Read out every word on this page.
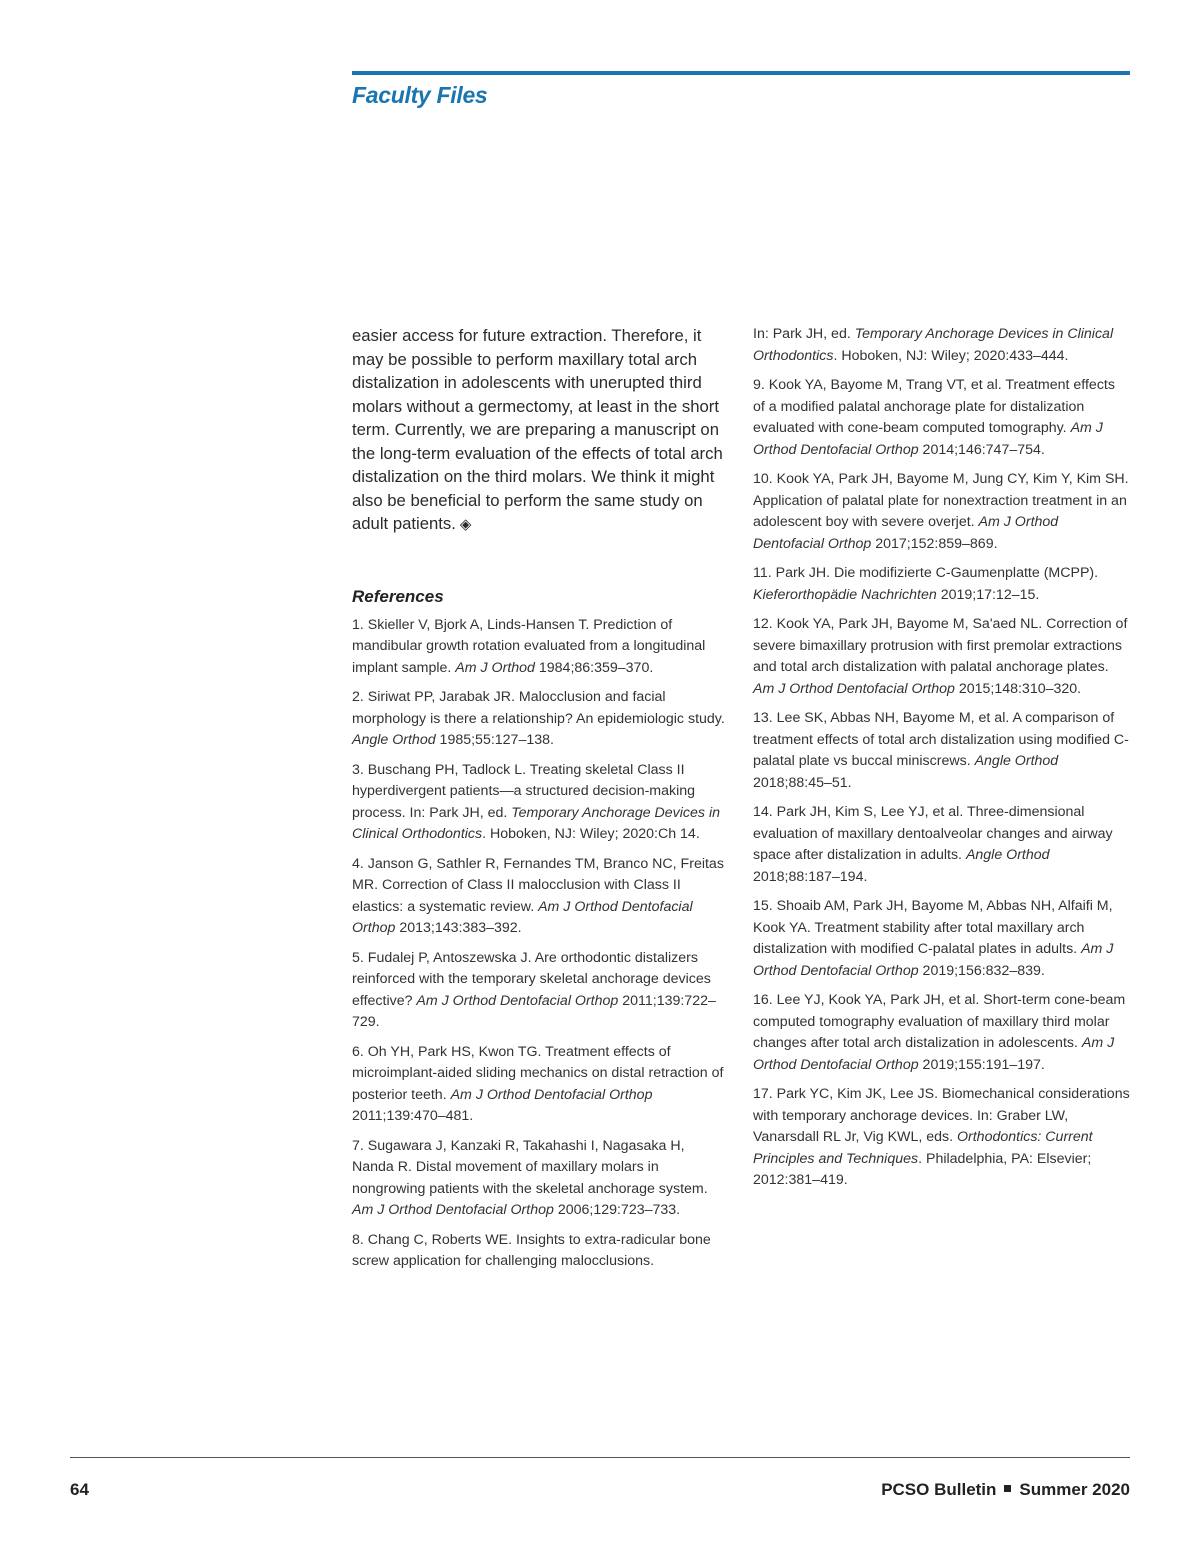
Faculty Files

easier access for future extraction. Therefore, it may be possible to perform maxillary total arch distalization in adolescents with unerupted third molars without a germectomy, at least in the short term. Currently, we are preparing a manuscript on the long-term evaluation of the effects of total arch distalization on the third molars. We think it might also be beneficial to perform the same study on adult patients. ◈

References
1. Skieller V, Bjork A, Linds-Hansen T. Prediction of mandibular growth rotation evaluated from a longitudinal implant sample. Am J Orthod 1984;86:359–370.
2. Siriwat PP, Jarabak JR. Malocclusion and facial morphology is there a relationship? An epidemiologic study. Angle Orthod 1985;55:127–138.
3. Buschang PH, Tadlock L. Treating skeletal Class II hyperdivergent patients—a structured decision-making process. In: Park JH, ed. Temporary Anchorage Devices in Clinical Orthodontics. Hoboken, NJ: Wiley; 2020:Ch 14.
4. Janson G, Sathler R, Fernandes TM, Branco NC, Freitas MR. Correction of Class II malocclusion with Class II elastics: a systematic review. Am J Orthod Dentofacial Orthop 2013;143:383–392.
5. Fudalej P, Antoszewska J. Are orthodontic distalizers reinforced with the temporary skeletal anchorage devices effective? Am J Orthod Dentofacial Orthop 2011;139:722–729.
6. Oh YH, Park HS, Kwon TG. Treatment effects of microimplant-aided sliding mechanics on distal retraction of posterior teeth. Am J Orthod Dentofacial Orthop 2011;139:470–481.
7. Sugawara J, Kanzaki R, Takahashi I, Nagasaka H, Nanda R. Distal movement of maxillary molars in nongrowing patients with the skeletal anchorage system. Am J Orthod Dentofacial Orthop 2006;129:723–733.
8. Chang C, Roberts WE. Insights to extra-radicular bone screw application for challenging malocclusions.
In: Park JH, ed. Temporary Anchorage Devices in Clinical Orthodontics. Hoboken, NJ: Wiley; 2020:433–444.
9. Kook YA, Bayome M, Trang VT, et al. Treatment effects of a modified palatal anchorage plate for distalization evaluated with cone-beam computed tomography. Am J Orthod Dentofacial Orthop 2014;146:747–754.
10. Kook YA, Park JH, Bayome M, Jung CY, Kim Y, Kim SH. Application of palatal plate for nonextraction treatment in an adolescent boy with severe overjet. Am J Orthod Dentofacial Orthop 2017;152:859–869.
11. Park JH. Die modifizierte C-Gaumenplatte (MCPP). Kieferorthopädie Nachrichten 2019;17:12–15.
12. Kook YA, Park JH, Bayome M, Sa'aed NL. Correction of severe bimaxillary protrusion with first premolar extractions and total arch distalization with palatal anchorage plates. Am J Orthod Dentofacial Orthop 2015;148:310–320.
13. Lee SK, Abbas NH, Bayome M, et al. A comparison of treatment effects of total arch distalization using modified C-palatal plate vs buccal miniscrews. Angle Orthod 2018;88:45–51.
14. Park JH, Kim S, Lee YJ, et al. Three-dimensional evaluation of maxillary dentoalveolar changes and airway space after distalization in adults. Angle Orthod 2018;88:187–194.
15. Shoaib AM, Park JH, Bayome M, Abbas NH, Alfaifi M, Kook YA. Treatment stability after total maxillary arch distalization with modified C-palatal plates in adults. Am J Orthod Dentofacial Orthop 2019;156:832–839.
16. Lee YJ, Kook YA, Park JH, et al. Short-term cone-beam computed tomography evaluation of maxillary third molar changes after total arch distalization in adolescents. Am J Orthod Dentofacial Orthop 2019;155:191–197.
17. Park YC, Kim JK, Lee JS. Biomechanical considerations with temporary anchorage devices. In: Graber LW, Vanarsdall RL Jr, Vig KWL, eds. Orthodontics: Current Principles and Techniques. Philadelphia, PA: Elsevier; 2012:381–419.
64	PCSO Bulletin Summer 2020
